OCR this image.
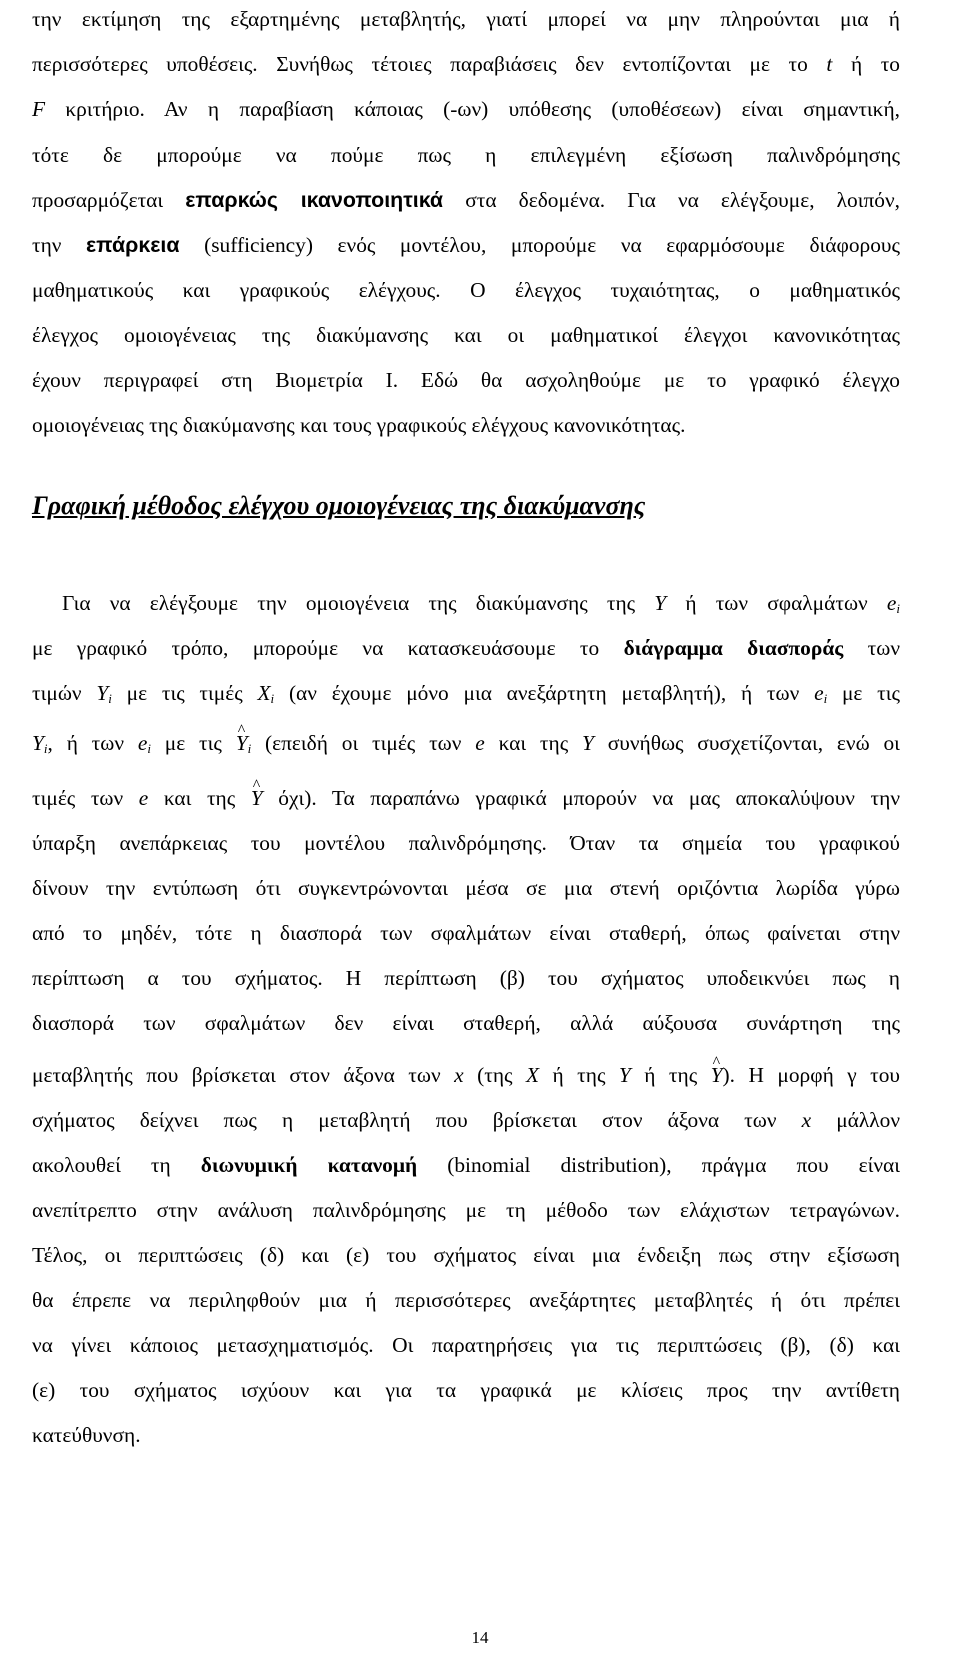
την εκτίμηση της εξαρτημένης μεταβλητής, γιατί μπορεί να μην πληρούνται μια ή
περισσότερες υποθέσεις. Συνήθως τέτοιες παραβιάσεις δεν εντοπίζονται με το t ή το
F κριτήριο. Αν η παραβίαση κάποιας (-ων) υπόθεσης (υποθέσεων) είναι σημαντική,
τότε δε μπορούμε να πούμε πως η επιλεγμένη εξίσωση παλινδρόμησης
προσαρμόζεται επαρκώς ικανοποιητικά στα δεδομένα. Για να ελέγξουμε, λοιπόν,
την επάρκεια (sufficiency) ενός μοντέλου, μπορούμε να εφαρμόσουμε διάφορους
μαθηματικούς και γραφικούς ελέγχους. Ο έλεγχος τυχαιότητας, ο μαθηματικός
έλεγχος ομοιογένειας της διακύμανσης και οι μαθηματικοί έλεγχοι κανονικότητας
έχουν περιγραφεί στη Βιομετρία Ι. Εδώ θα ασχοληθούμε με το γραφικό έλεγχο
ομοιογένειας της διακύμανσης και τους γραφικούς ελέγχους κανονικότητας.
Γραφική μέθοδος ελέγχου ομοιογένειας της διακύμανσης
Για να ελέγξουμε την ομοιογένεια της διακύμανσης της Y ή των σφαλμάτων $e_i$
με γραφικό τρόπο, μπορούμε να κατασκευάσουμε το διάγραμμα διασποράς των
τιμών $Y_i$ με τις τιμές $X_i$ (αν έχουμε μόνο μια ανεξάρτητη μεταβλητή), ή των $e_i$ με τις
$Y_i$, ή των $e_i$ με τις ^ $Y_i$ (επειδή οι τιμές των e και της Y συνήθως συσχετίζονται, ενώ οι
τιμές των e και της ^ Y όχι). Τα παραπάνω γραφικά μπορούν να μας αποκαλύψουν την
ύπαρξη ανεπάρκειας του μοντέλου παλινδρόμησης. Όταν τα σημεία του γραφικού
δίνουν την εντύπωση ότι συγκεντρώνονται μέσα σε μια στενή οριζόντια λωρίδα γύρω
από το μηδέν, τότε η διασπορά των σφαλμάτων είναι σταθερή, όπως φαίνεται στην
περίπτωση α του σχήματος. Η περίπτωση (β) του σχήματος υποδεικνύει πως η
διασπορά των σφαλμάτων δεν είναι σταθερή, αλλά αύξουσα συνάρτηση της
μεταβλητής που βρίσκεται στον άξονα των x (της X ή της Y ή της ^ Y). Η μορφή γ του
σχήματος δείχνει πως η μεταβλητή που βρίσκεται στον άξονα των x μάλλον
ακολουθεί τη διωνυμική κατανομή (binomial distribution), πράγμα που είναι
ανεπίτρεπτο στην ανάλυση παλινδρόμησης με τη μέθοδο των ελάχιστων τετραγώνων.
Τέλος, οι περιπτώσεις (δ) και (ε) του σχήματος είναι μια ένδειξη πως στην εξίσωση
θα έπρεπε να περιληφθούν μια ή περισσότερες ανεξάρτητες μεταβλητές ή ότι πρέπει
να γίνει κάποιος μετασχηματισμός. Οι παρατηρήσεις για τις περιπτώσεις (β), (δ) και
(ε) του σχήματος ισχύουν και για τα γραφικά με κλίσεις προς την αντίθετη
κατεύθυνση.
14
